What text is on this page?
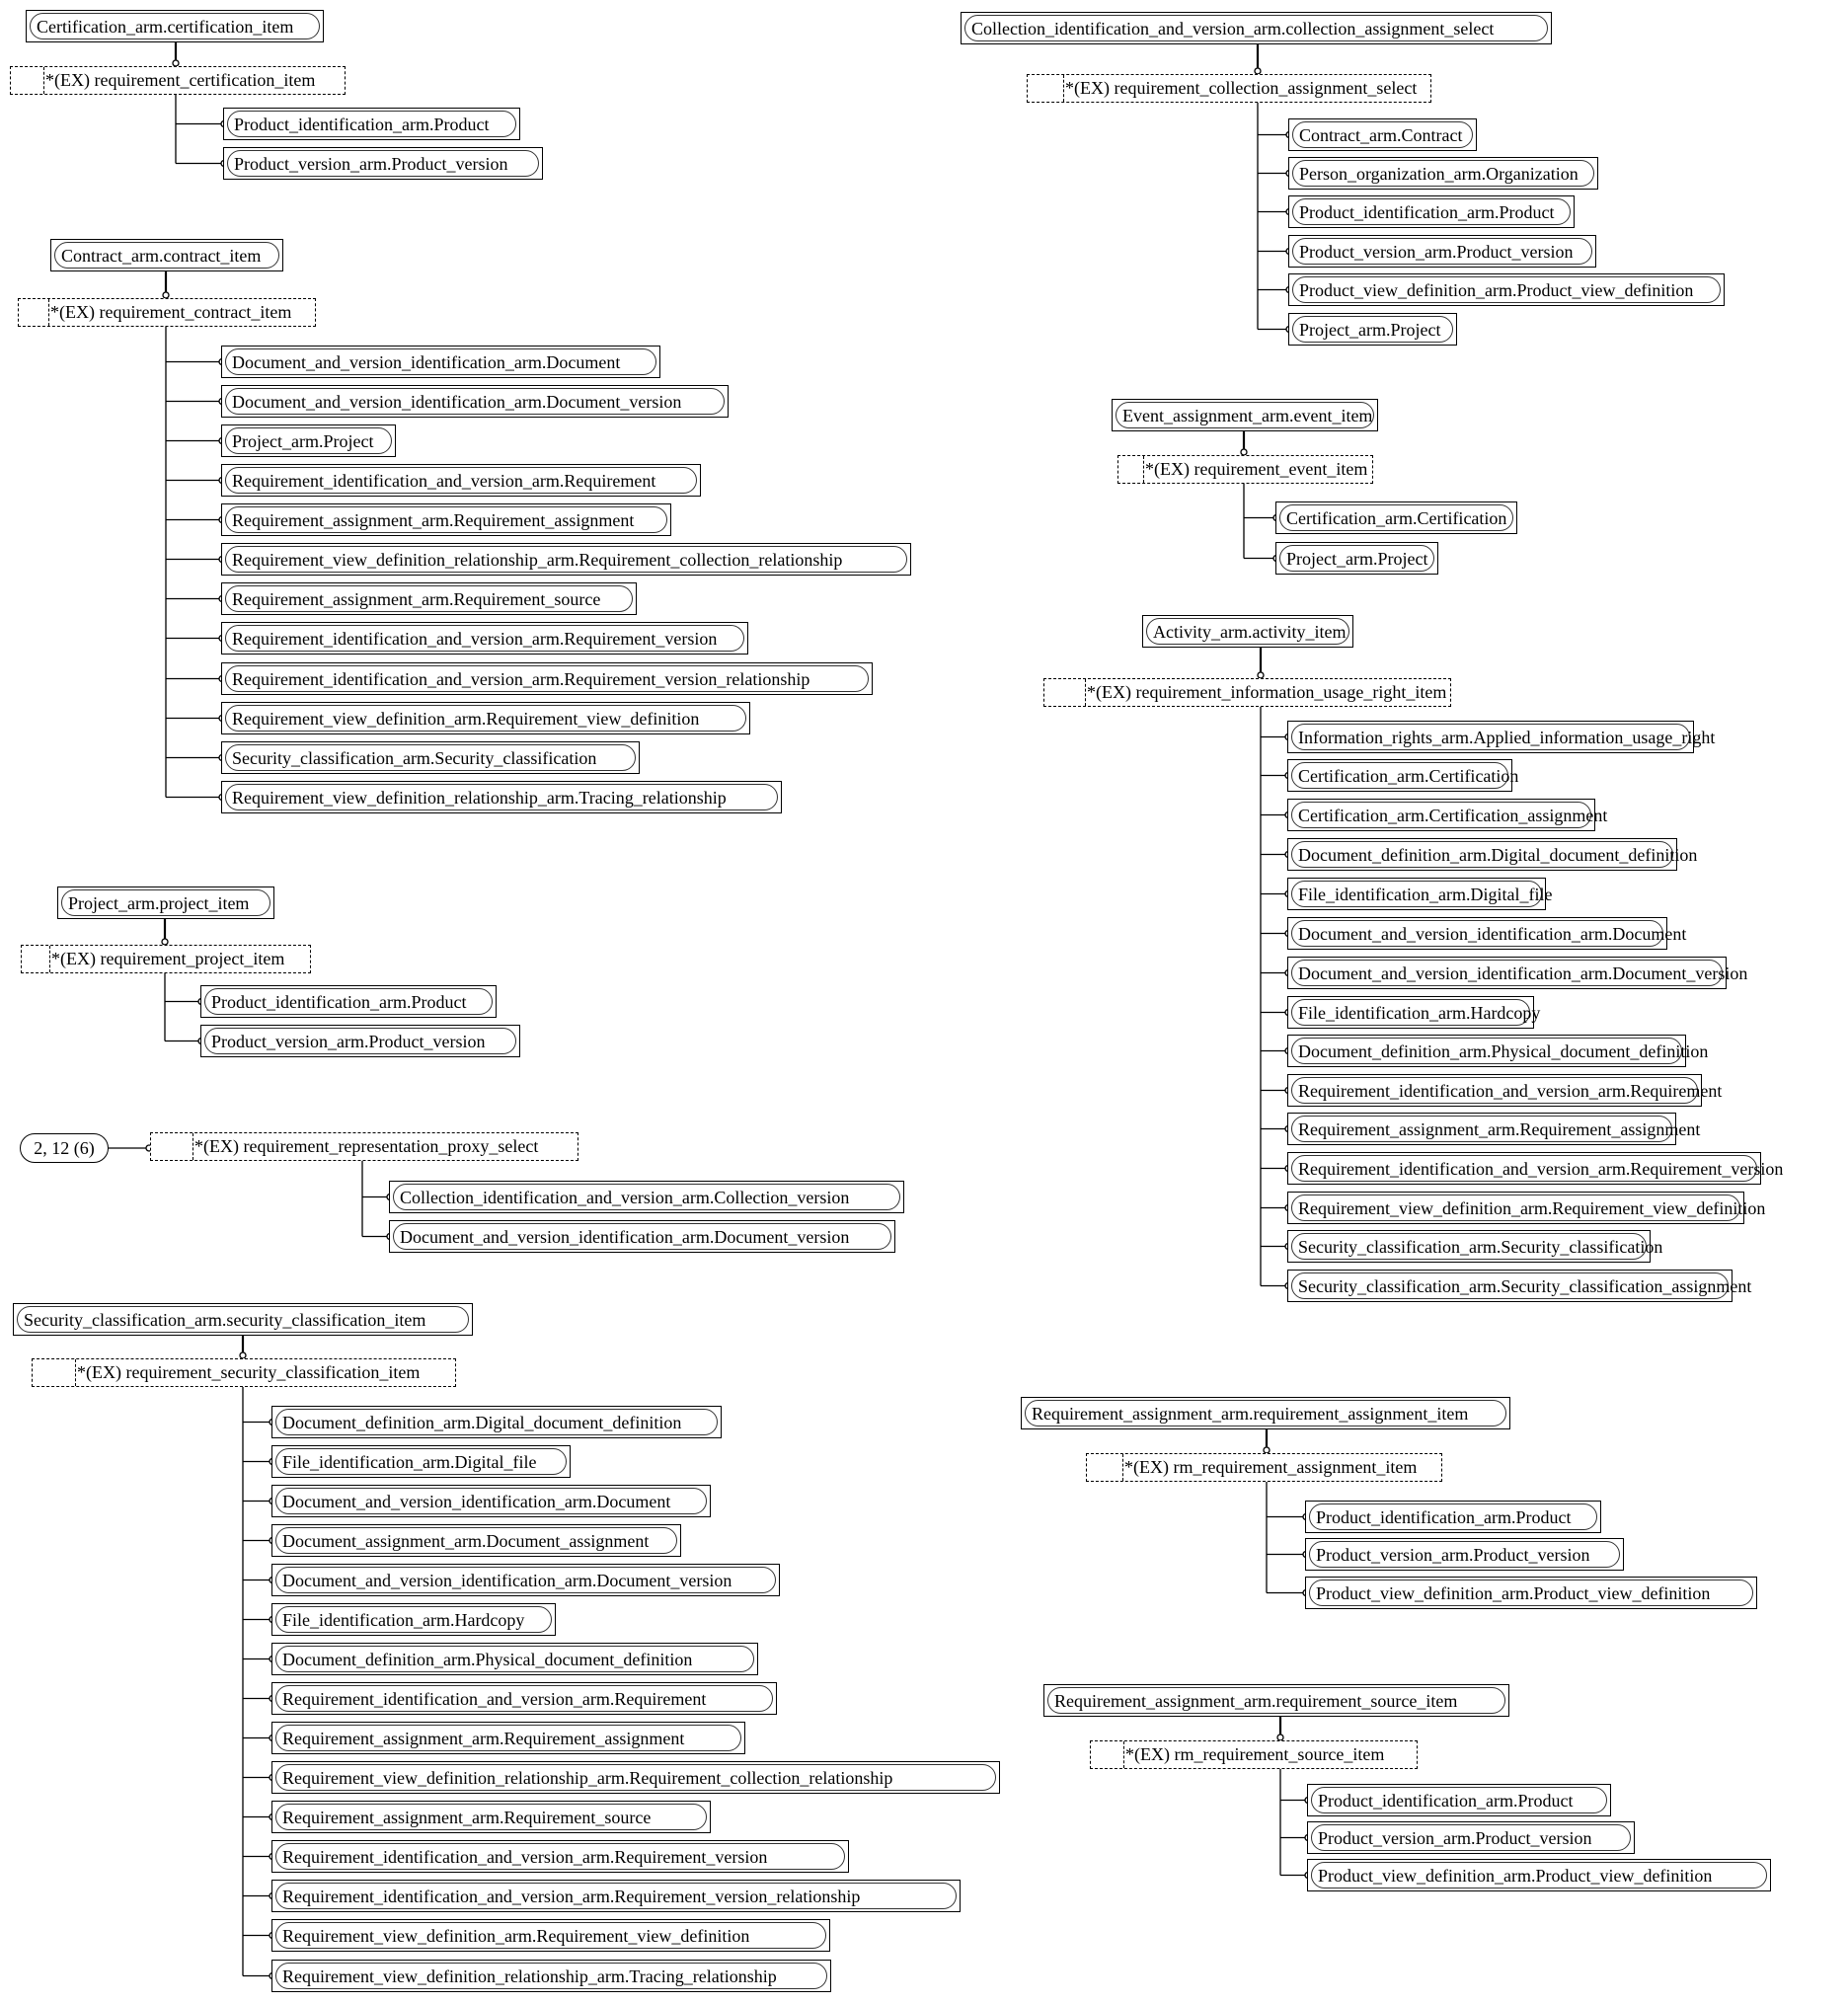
*(EX) requirement_certification_item
Certification_arm.certification_item
Product_identification_arm.Product
Product_version_arm.Product_version
*(EX) requirement_contract_item
Contract_arm.contract_item
Document_and_version_identification_arm.Document
Document_and_version_identification_arm.Document_version
Project_arm.Project
Requirement_identification_and_version_arm.Requirement
Requirement_assignment_arm.Requirement_assignment
Requirement_view_definition_relationship_arm.Requirement_collection_relationship
Requirement_assignment_arm.Requirement_source
Requirement_identification_and_version_arm.Requirement_version
Requirement_identification_and_version_arm.Requirement_version_relationship
Requirement_view_definition_arm.Requirement_view_definition
Security_classification_arm.Security_classification
Requirement_view_definition_relationship_arm.Tracing_relationship
*(EX) requirement_project_item
Project_arm.project_item
Product_identification_arm.Product
Product_version_arm.Product_version
*(EX) requirement_representation_proxy_select
2, 12 (6)
Collection_identification_and_version_arm.Collection_version
Document_and_version_identification_arm.Document_version
*(EX) requirement_security_classification_item
Security_classification_arm.security_classification_item
Document_definition_arm.Digital_document_definition
File_identification_arm.Digital_file
Document_and_version_identification_arm.Document
Document_assignment_arm.Document_assignment
Document_and_version_identification_arm.Document_version
File_identification_arm.Hardcopy
Document_definition_arm.Physical_document_definition
Requirement_identification_and_version_arm.Requirement
Requirement_assignment_arm.Requirement_assignment
Requirement_view_definition_relationship_arm.Requirement_collection_relationship
Requirement_assignment_arm.Requirement_source
Requirement_identification_and_version_arm.Requirement_version
Requirement_identification_and_version_arm.Requirement_version_relationship
Requirement_view_definition_arm.Requirement_view_definition
Requirement_view_definition_relationship_arm.Tracing_relationship
*(EX) requirement_collection_assignment_select
Collection_identification_and_version_arm.collection_assignment_select
Contract_arm.Contract
Person_organization_arm.Organization
Product_identification_arm.Product
Product_version_arm.Product_version
Product_view_definition_arm.Product_view_definition
Project_arm.Project
*(EX) requirement_event_item
Event_assignment_arm.event_item
Certification_arm.Certification
Project_arm.Project
*(EX) requirement_information_usage_right_item
Activity_arm.activity_item
Information_rights_arm.Applied_information_usage_right
Certification_arm.Certification
Certification_arm.Certification_assignment
Document_definition_arm.Digital_document_definition
File_identification_arm.Digital_file
Document_and_version_identification_arm.Document
Document_and_version_identification_arm.Document_version
File_identification_arm.Hardcopy
Document_definition_arm.Physical_document_definition
Requirement_identification_and_version_arm.Requirement
Requirement_assignment_arm.Requirement_assignment
Requirement_identification_and_version_arm.Requirement_version
Requirement_view_definition_arm.Requirement_view_definition
Security_classification_arm.Security_classification
Security_classification_arm.Security_classification_assignment
*(EX) rm_requirement_assignment_item
Requirement_assignment_arm.requirement_assignment_item
Product_identification_arm.Product
Product_version_arm.Product_version
Product_view_definition_arm.Product_view_definition
*(EX) rm_requirement_source_item
Requirement_assignment_arm.requirement_source_item
Product_identification_arm.Product
Product_version_arm.Product_version
Product_view_definition_arm.Product_view_definition
